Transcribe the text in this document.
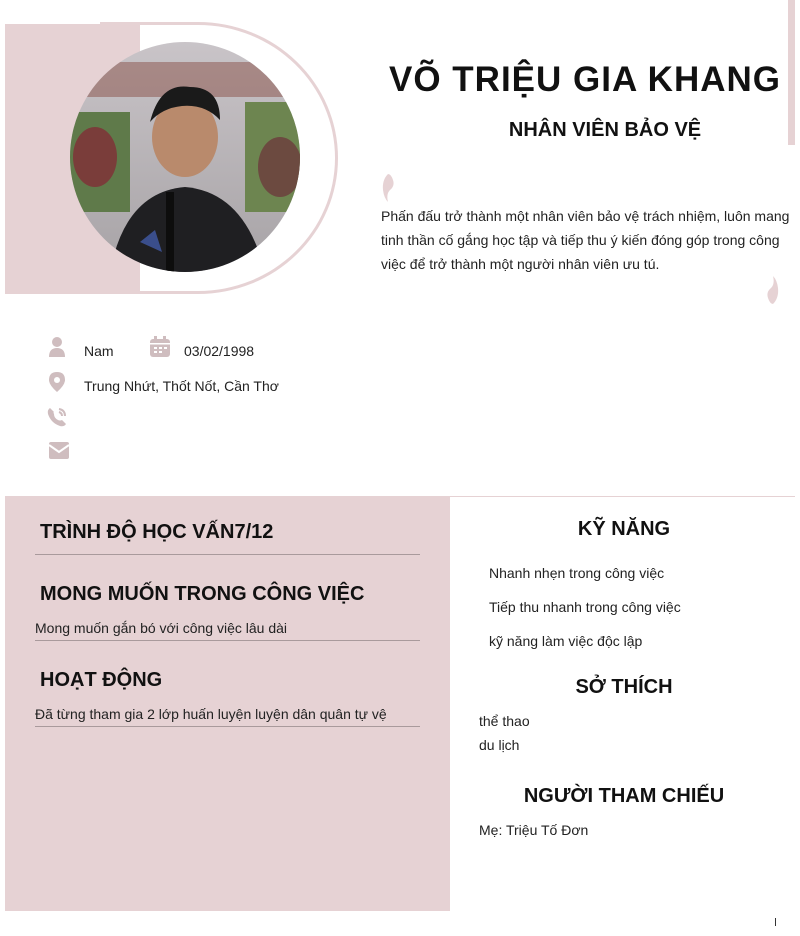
VÕ TRIỆU GIA KHANG
NHÂN VIÊN BẢO VỆ
Phấn đấu trở thành một nhân viên bảo vệ trách nhiệm, luôn mang tinh thần cố gắng học tập và tiếp thu ý kiến đóng góp trong công việc để trở thành một người nhân viên ưu tú.
Nam	03/02/1998
Trung Nhứt, Thốt Nốt, Cần Thơ
TRÌNH ĐỘ HỌC VẤN7/12
MONG MUỐN TRONG CÔNG VIỆC
Mong muốn gắn bó với công việc lâu dài
HOẠT ĐỘNG
Đã từng tham gia 2 lớp huấn luyện luyện dân quân tự vệ
KỸ NĂNG
Nhanh nhẹn trong công việc
Tiếp thu nhanh trong công việc
kỹ năng làm việc độc lập
SỞ THÍCH
thể thao
du lịch
NGƯỜI THAM CHIẾU
Mẹ: Triệu Tố Đơn
